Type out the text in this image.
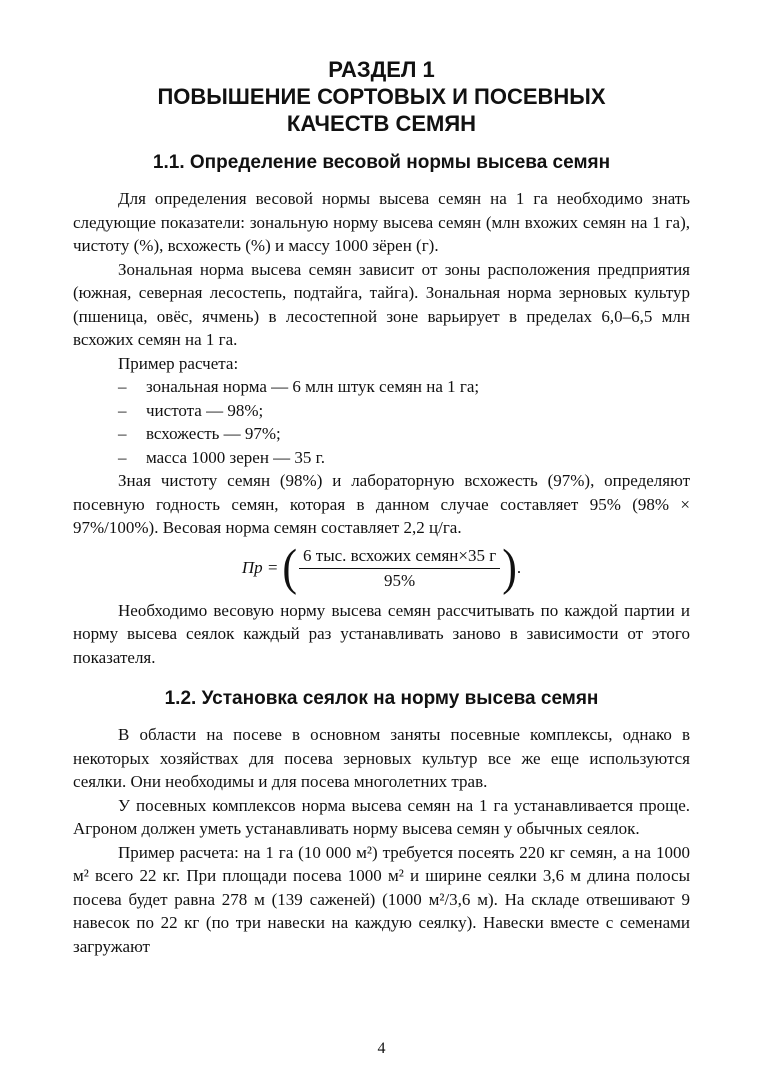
РАЗДЕЛ 1
ПОВЫШЕНИЕ СОРТОВЫХ И ПОСЕВНЫХ
КАЧЕСТВ СЕМЯН
1.1. Определение весовой нормы высева семян

Для определения весовой нормы высева семян на 1 га необходимо знать следующие показатели: зональную норму высева семян (млн вхожих семян на 1 га), чистоту (%), всхожесть (%) и массу 1000 зёрен (г).

Зональная норма высева семян зависит от зоны расположения предприятия (южная, северная лесостепь, подтайга, тайга). Зональная норма зерновых культур (пшеница, овёс, ячмень) в лесостепной зоне варьирует в пределах 6,0–6,5 млн всхожих семян на 1 га.

Пример расчета:

–	зональная норма — 6 млн штук семян на 1 га;
–	чистота — 98%;
–	всхожесть — 97%;
–	масса 1000 зерен — 35 г.

Зная чистоту семян (98%) и лабораторную всхожесть (97%), определяют посевную годность семян, которая в данном случае составляет 95% (98% × 97%/100%). Весовая норма семян составляет 2,2 ц/га.

Пр = ( $\frac{\text{6 тыс. всхожих семян×35 г}}{95\%}$ ) .

Необходимо весовую норму высева семян рассчитывать по каждой партии и норму высева сеялок каждый раз устанавливать заново в зависимости от этого показателя.

1.2. Установка сеялок на норму высева семян

В области на посеве в основном заняты посевные комплексы, однако в некоторых хозяйствах для посева зерновых культур все же еще используются сеялки. Они необходимы и для посева многолетних трав.

У посевных комплексов норма высева семян на 1 га устанавливается проще. Агроном должен уметь устанавливать норму высева семян у обычных сеялок.

Пример расчета: на 1 га (10 000 м²) требуется посеять 220 кг семян, а на 1000 м² всего 22 кг. При площади посева 1000 м² и ширине сеялки 3,6 м длина полосы посева будет равна 278 м (139 саженей) (1000 м²/3,6 м). На складе отвешивают 9 навесок по 22 кг (по три навески на каждую сеялку). Навески вместе с семенами загружают

4
